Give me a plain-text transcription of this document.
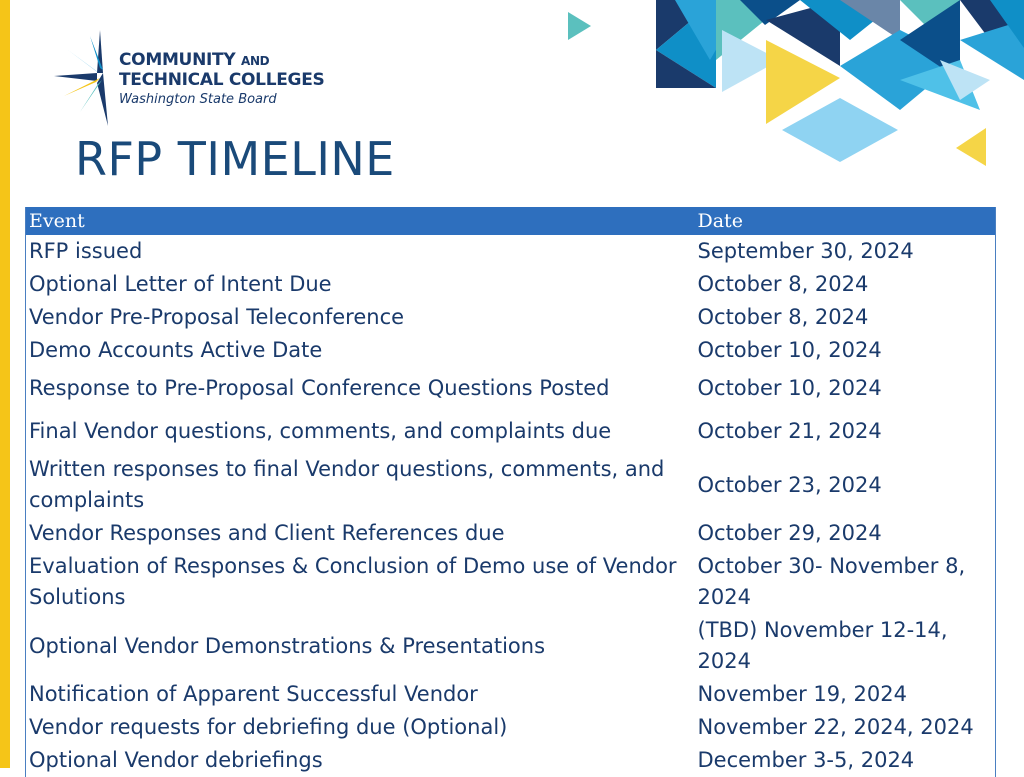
COMMUNITY AND
TECHNICAL COLLEGES
Washington State Board
RFP TIMELINE
Event	Date
RFP issued	September 30, 2024
Optional Letter of Intent Due	October 8, 2024
Vendor Pre-Proposal Teleconference	October 8, 2024
Demo Accounts Active Date	October 10, 2024
Response to Pre-Proposal Conference Questions Posted	October 10, 2024
Final Vendor questions, comments, and complaints due	October 21, 2024
Written responses to final Vendor questions, comments, and complaints	October 23, 2024
Vendor Responses and Client References due	October 29, 2024
Evaluation of Responses & Conclusion of Demo use of Vendor Solutions	October 30- November 8, 2024
Optional Vendor Demonstrations & Presentations	(TBD) November 12-14, 2024
Notification of Apparent Successful Vendor	November 19, 2024
Vendor requests for debriefing due (Optional)	November 22, 2024, 2024
Optional Vendor debriefings	December 3-5, 2024
